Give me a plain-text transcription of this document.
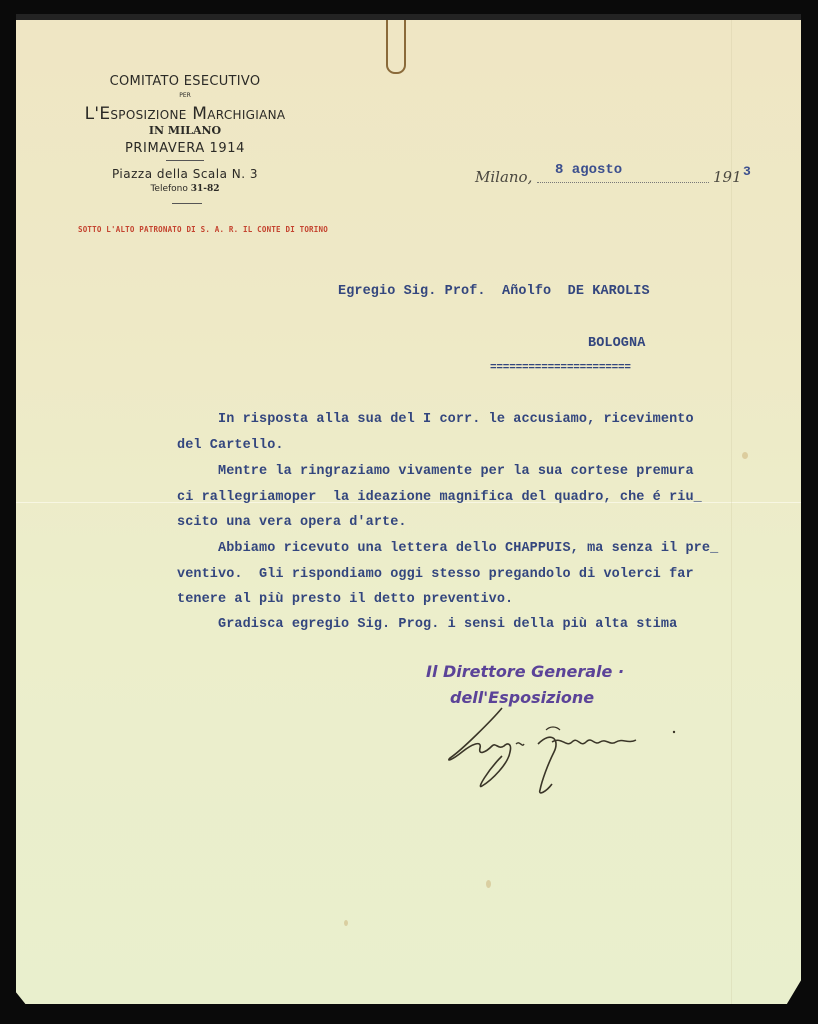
COMITATO ESECUTIVO
PER
L'Esposizione Marchigiana
IN MILANO
PRIMAVERA 1914
Piazza della Scala N. 3
Telefono 31-82
SOTTO L'ALTO PATRONATO DI S. A. R. IL CONTE DI TORINO
Milano, 8 agosto	191 3
Egregio Sig. Prof.  Añolfo  DE KAROLIS
BOLOGNA
======================
In risposta alla sua del I corr. le accusiamo, ricevimento
del Cartello.
Mentre la ringraziamo vivamente per la sua cortese premura
ci rallegriamoper  la ideazione magnifica del quadro, che é riu_
scito una vera opera d'arte.
Abbiamo ricevuto una lettera dello CHAPPUIS, ma senza il pre_
ventivo.  Gli rispondiamo oggi stesso pregandolo di volerci far
tenere al più presto il detto preventivo.
Gradisca egregio Sig. Prog. i sensi della più alta stima
Il Direttore Generale ·
dell'Esposizione
